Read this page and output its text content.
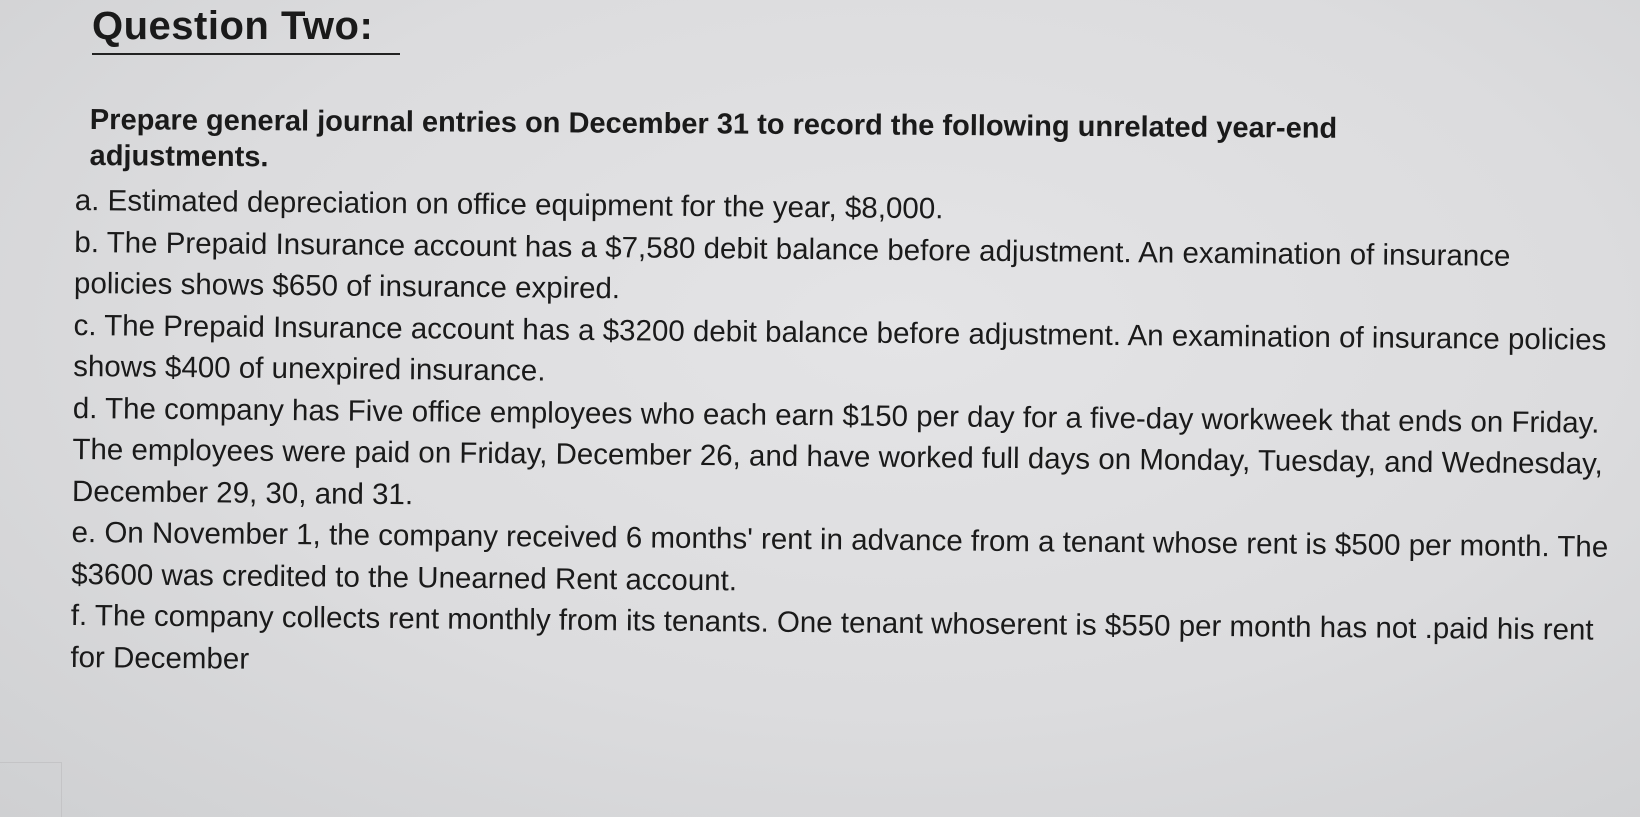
Question Two:

Prepare general journal entries on December 31 to record the following unrelated year-end adjustments.

a. Estimated depreciation on office equipment for the year, $8,000.
b. The Prepaid Insurance account has a $7,580 debit balance before adjustment. An examination of insurance policies shows $650 of insurance expired.
c. The Prepaid Insurance account has a $3200 debit balance before adjustment. An examination of insurance policies shows $400 of unexpired insurance.
d. The company has Five office employees who each earn $150 per day for a five-day workweek that ends on Friday. The employees were paid on Friday, December 26, and have worked full days on Monday, Tuesday, and Wednesday, December 29, 30, and 31.
e. On November 1, the company received 6 months' rent in advance from a tenant whose rent is $500 per month. The $3600 was credited to the Unearned Rent account.
f. The company collects rent monthly from its tenants. One tenant whoserent is $550 per month has not .paid his rent for December
